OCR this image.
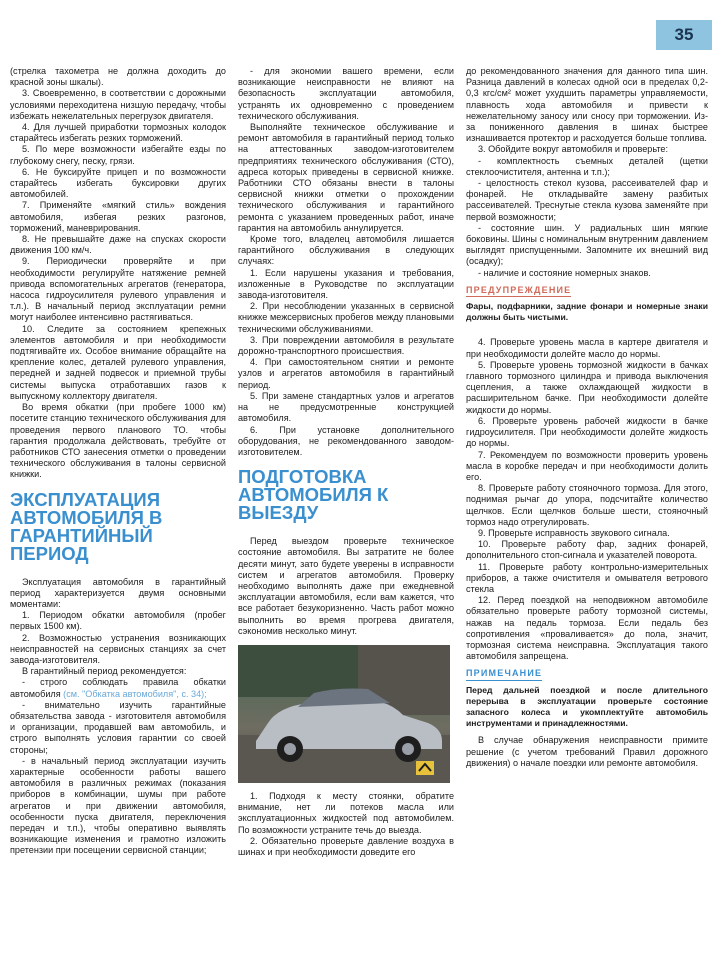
35

(стрелка тахометра не должна доходить до красной зоны шкалы).

3. Своевременно, в соответствии с дорожными условиями переходитена низшую передачу, чтобы избежать нежелательных перегрузок двигателя.

4. Для лучшей приработки тормозных колодок старайтесь избегать резких торможений.

5. По мере возможности избегайте езды по глубокому снегу, песку, грязи.

6. Не буксируйте прицеп и по возможности старайтесь избегать буксировки других автомобилей.

7. Применяйте «мягкий стиль» вождения автомобиля, избегая резких разгонов, торможений, маневрирования.

8. Не превышайте даже на спусках скорости движения 100 км/ч.

9. Периодически проверяйте и при необходимости регулируйте натяжение ремней привода вспомогательных агрегатов (генератора, насоса гидроусилителя рулевого управления и т.л.). В начальный период эксплуатации ремни могут наиболее интенсивно растягиваться.

10. Следите за состоянием крепежных элементов автомобиля и при необходимости подтягивайте их. Особое внимание обращайте на крепление колес, деталей рулевого управления, передней и задней подвесок и приемной трубы системы выпуска отработавших газов к выпускному коллектору двигателя.

Во время обкатки (при пробеге 1000 км) посетите станцию технического обслуживания для проведения первого планового ТО. чтобы гарантия продолжала действовать, требуйте от работников СТО занесения отметки о проведении технического обслуживания в талоны сервисной книжки.

ЭКСПЛУАТАЦИЯ АВТОМОБИЛЯ В ГАРАНТИЙНЫЙ ПЕРИОД

Эксплуатация автомобиля в гарантийный период характеризуется двумя основными моментами:

1. Периодом обкатки автомобиля (пробег первых 1500 км).

2. Возможностью устранения возникающих неисправностей на сервисных станциях за счет завода-изготовителя.

В гарантийный период рекомендуется:

- строго соблюдать правила обкатки автомобиля (см. "Обкатка автомобиля", с. 34);

- внимательно изучить гарантийные обязательства завода - изготовителя автомобиля и организации, продавшей вам автомобиль, и строго выполнять условия гарантии со своей стороны;

- в начальный период эксплуатации изучить характерные особенности работы вашего автомобиля в различных режимах (показания приборов в комбинации, шумы при работе агрегатов и при движении автомобиля, особенности пуска двигателя, переключения передач и т.п.), чтобы оперативно выявлять возникающие изменения и грамотно изложить претензии при посещении сервисной станции;

- для экономии вашего времени, если возникающие неисправности не влияют на безопасность эксплуатации автомобиля, устранять их одновременно с проведением технического обслуживания.

Выполняйте техническое обслуживание и ремонт автомобиля в гарантийный период только на аттестованных заводом-изготовителем предприятиях технического обслуживания (СТО), адреса которых приведены в сервисной книжке. Работники СТО обязаны внести в талоны сервисной книжки отметки о прохождении технического обслуживания и гарантийного ремонта с указанием проведенных работ, иначе гарантия на автомобиль аннулируется.

Кроме того, владелец автомобиля лишается гарантийного обслуживания в следующих случаях:

1. Если нарушены указания и требования, изложенные в Руководстве по эксплуатации завода-изготовителя.

2. При несоблюдении указанных в сервисной книжке межсервисных пробегов между плановыми техническими обслуживаниями.

3. При повреждении автомобиля в результате дорожно-транспортного происшествия.

4. При самостоятельном снятии и ремонте узлов и агрегатов автомобиля в гарантийный период.

5. При замене стандартных узлов и агрегатов на не предусмотренные конструкцией автомобиля.

6. При установке дополнительного оборудования, не рекомендованного заводом-изготовителем.

ПОДГОТОВКА АВТОМОБИЛЯ К ВЫЕЗДУ

Перед выездом проверьте техническое состояние автомобиля. Вы затратите не более десяти минут, зато будете уверены в исправности систем и агрегатов автомобиля. Проверку необходимо выполнять даже при ежедневной эксплуатации автомобиля, если вам кажется, что все работает безукоризненно. Часть работ можно выполнить во время прогрева двигателя, сэкономив несколько минут.

1. Подходя к месту стоянки, обратите внимание, нет ли потеков масла или эксплуатационных жидкостей под автомобилем. По возможности устраните течь до выезда.

2. Обязательно проверьте давление воздуха в шинах и при необходимости доведите его

до рекомендованного значения для данного типа шин. Разница давлений в колесах одной оси в пределах 0,2-0,3 кгс/см² может ухудшить параметры управляемости, плавность хода автомобиля и привести к нежелательному заносу или сносу при торможении. Из-за пониженного давления в шинах быстрее изнашивается протектор и расходуется больше топлива.

3. Обойдите вокруг автомобиля и проверьте:

- комплектность съемных деталей (щетки стеклоочистителя, антенна и т.п.);

- целостность стекол кузова, рассеивателей фар и фонарей. Не откладывайте замену разбитых рассеивателей. Треснутые стекла кузова заменяйте при первой возможности;

- состояние шин. У радиальных шин мягкие боковины. Шины с номинальным внутренним давлением выглядят приспущенными. Запомните их внешний вид (осадку);

- наличие и состояние номерных знаков.

ПРЕДУПРЕЖДЕНИЕ

Фары, подфарники, задние фонари и номерные знаки должны быть чистыми.

4. Проверьте уровень масла в картере двигателя и при необходимости долейте масло до нормы.

5. Проверьте уровень тормозной жидкости в бачках главного тормозного цилиндра и привода выключения сцепления, а также охлаждающей жидкости в расширительном бачке. При необходимости долейте жидкости до нормы.

6. Проверьте уровень рабочей жидкости в бачке гидроусилителя. При необходимости долейте жидкость до нормы.

7. Рекомендуем по возможности проверить уровень масла в коробке передач и при необходимости долить его.

8. Проверьте работу стояночного тормоза. Для этого, поднимая рычаг до упора, подсчитайте количество щелчков. Если щелчков больше шести, стояночный тормоз надо отрегулировать.

9. Проверьте исправность звукового сигнала.

10. Проверьте работу фар, задних фонарей, дополнительного стоп-сигнала и указателей поворота.

11. Проверьте работу контрольно-измерительных приборов, а также очистителя и омывателя ветрового стекла

12. Перед поездкой на неподвижном автомобиле обязательно проверьте работу тормозной системы, нажав на педаль тормоза. Если педаль без сопротивления «проваливается» до пола, значит, тормозная система неисправна. Эксплуатация такого автомобиля запрещена.

ПРИМЕЧАНИЕ

Перед дальней поездкой и после длительного перерыва в эксплуатации проверьте состояние запасного колеса и укомплектуйте автомобиль инструментами и принадлежностями.

В случае обнаружения неисправности примите решение (с учетом требований Правил дорожного движения) о начале поездки или ремонте автомобиля.
